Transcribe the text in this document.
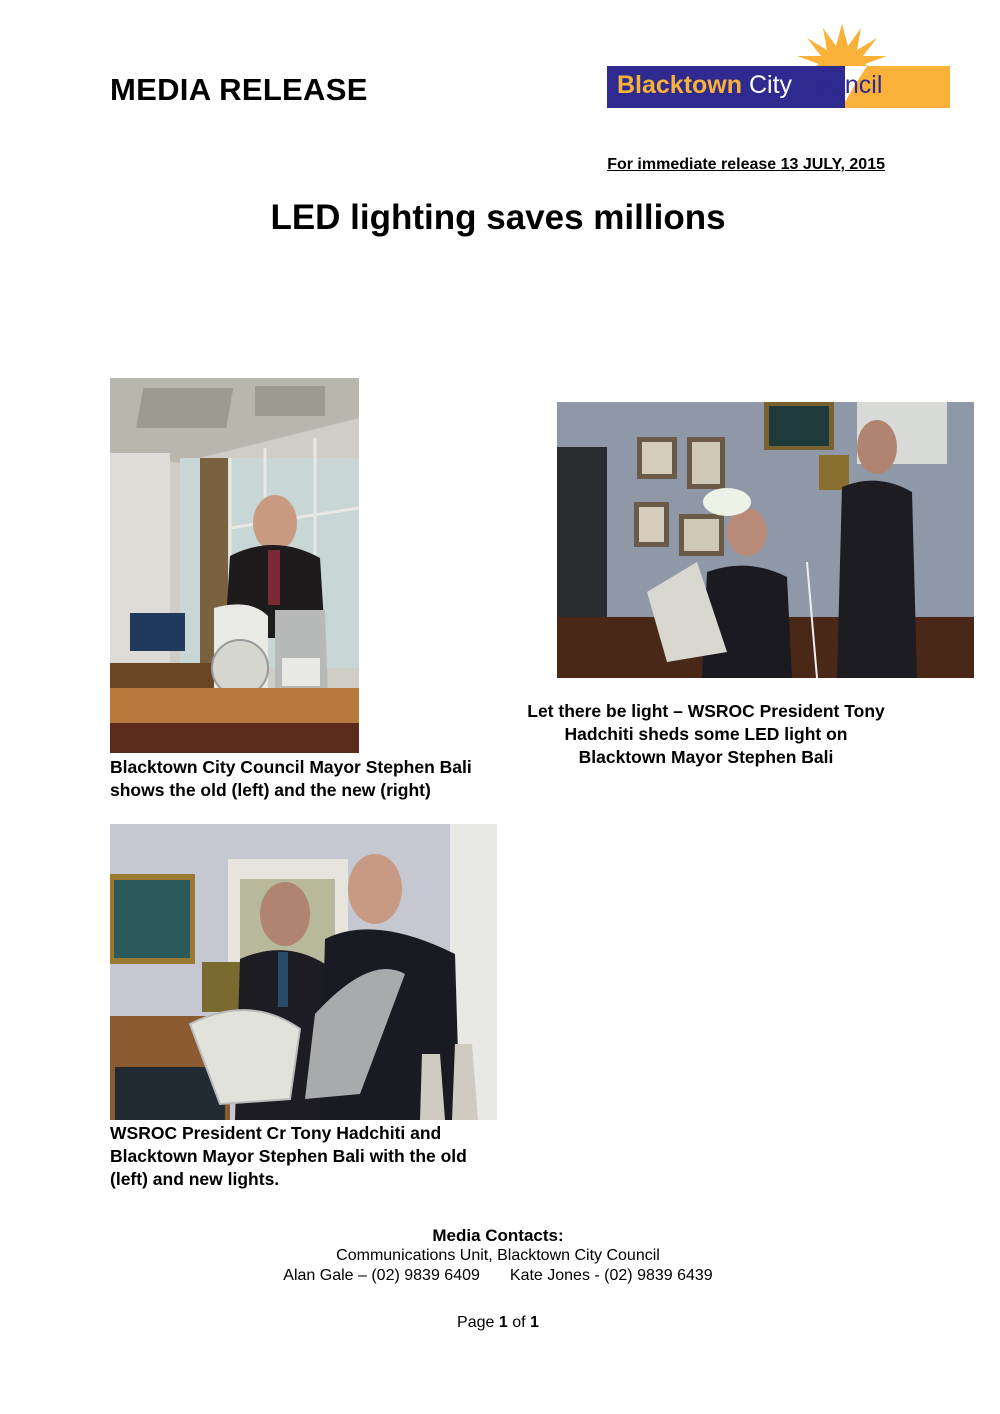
MEDIA RELEASE	Blacktown City Council
For immediate release 13 JULY, 2015
LED lighting saves millions
Blacktown City Council Mayor Stephen Bali shows the old (left) and the new (right)
Let there be light – WSROC President Tony Hadchiti sheds some LED light on Blacktown Mayor Stephen Bali
WSROC President Cr Tony Hadchiti and Blacktown Mayor Stephen Bali with the old (left) and new lights.
Media Contacts:
Communications Unit, Blacktown City Council
Alan Gale – (02) 9839 6409 Kate Jones - (02) 9839 6439
Page 1 of 1
